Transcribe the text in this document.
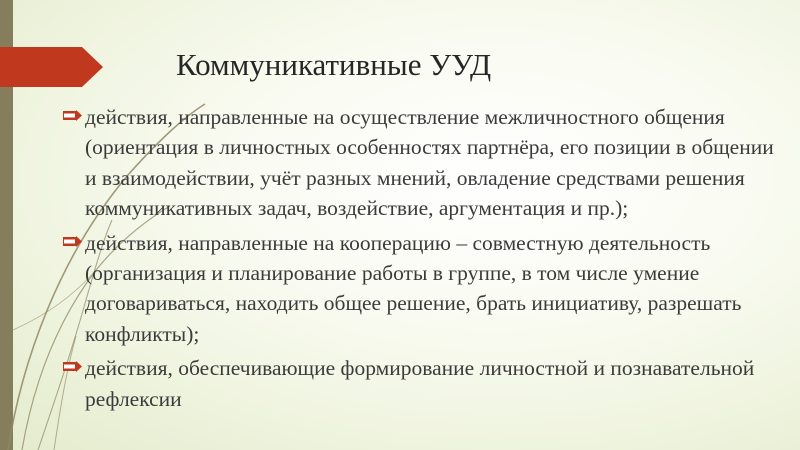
Коммуникативные УУД
действия, направленные на осуществление межличностного общения (ориентация в личностных особенностях партнёра, его позиции в общении и взаимодействии, учёт разных мнений, овладение средствами решения коммуникативных задач, воздействие, аргументация и пр.);
действия, направленные на кооперацию – совместную деятельность (организация и планирование работы в группе, в том числе умение договариваться, находить общее решение, брать инициативу, разрешать конфликты);
действия, обеспечивающие формирование личностной и познавательной рефлексии
